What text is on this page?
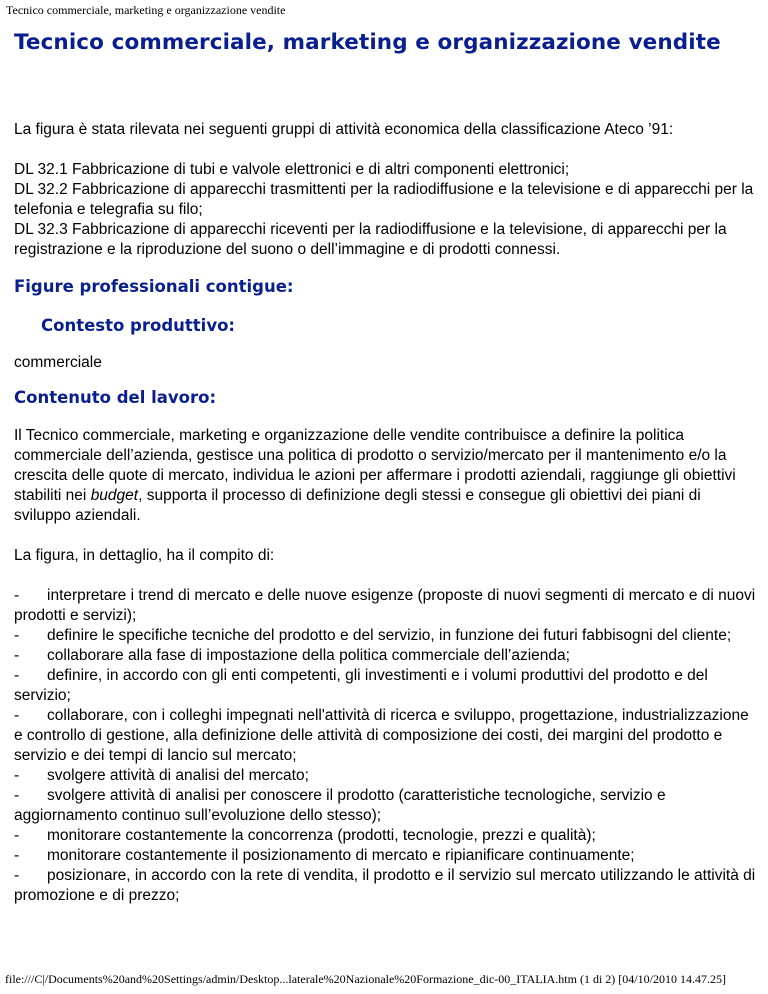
Tecnico commerciale, marketing e organizzazione vendite
Tecnico commerciale, marketing e organizzazione vendite

La figura è stata rilevata nei seguenti gruppi di attività economica della classificazione Ateco ’91:

DL 32.1 Fabbricazione di tubi e valvole elettronici e di altri componenti elettronici;

DL 32.2 Fabbricazione di apparecchi trasmittenti per la radiodiffusione e la televisione e di apparecchi per la telefonia e telegrafia su filo;

DL 32.3 Fabbricazione di apparecchi riceventi per la radiodiffusione e la televisione, di apparecchi per la registrazione e la riproduzione del suono o dell’immagine e di prodotti connessi.

Figure professionali contigue:
Contesto produttivo:

commerciale

Contenuto del lavoro:

Il Tecnico commerciale, marketing e organizzazione delle vendite contribuisce a definire la politica commerciale dell’azienda, gestisce una politica di prodotto o servizio/mercato per il mantenimento e/o la crescita delle quote di mercato, individua le azioni per affermare i prodotti aziendali, raggiunge gli obiettivi stabiliti nei budget, supporta il processo di definizione degli stessi e consegue gli obiettivi dei piani di sviluppo aziendali.

La figura, in dettaglio, ha il compito di:

- interpretare i trend di mercato e delle nuove esigenze (proposte di nuovi segmenti di mercato e di nuovi prodotti e servizi);

- definire le specifiche tecniche del prodotto e del servizio, in funzione dei futuri fabbisogni del cliente;

- collaborare alla fase di impostazione della politica commerciale dell’azienda;

- definire, in accordo con gli enti competenti, gli investimenti e i volumi produttivi del prodotto e del servizio;

- collaborare, con i colleghi impegnati nell'attività di ricerca e sviluppo, progettazione, industrializzazione e controllo di gestione, alla definizione delle attività di composizione dei costi, dei margini del prodotto e servizio e dei tempi di lancio sul mercato;

- svolgere attività di analisi del mercato;

- svolgere attività di analisi per conoscere il prodotto (caratteristiche tecnologiche, servizio e aggiornamento continuo sull’evoluzione dello stesso);

- monitorare costantemente la concorrenza (prodotti, tecnologie, prezzi e qualità);

- monitorare costantemente il posizionamento di mercato e ripianificare continuamente;

- posizionare, in accordo con la rete di vendita, il prodotto e il servizio sul mercato utilizzando le attività di promozione e di prezzo;

file:///C|/Documents%20and%20Settings/admin/Desktop...laterale%20Nazionale%20Formazione_dic-00_ITALIA.htm (1 di 2) [04/10/2010 14.47.25]
